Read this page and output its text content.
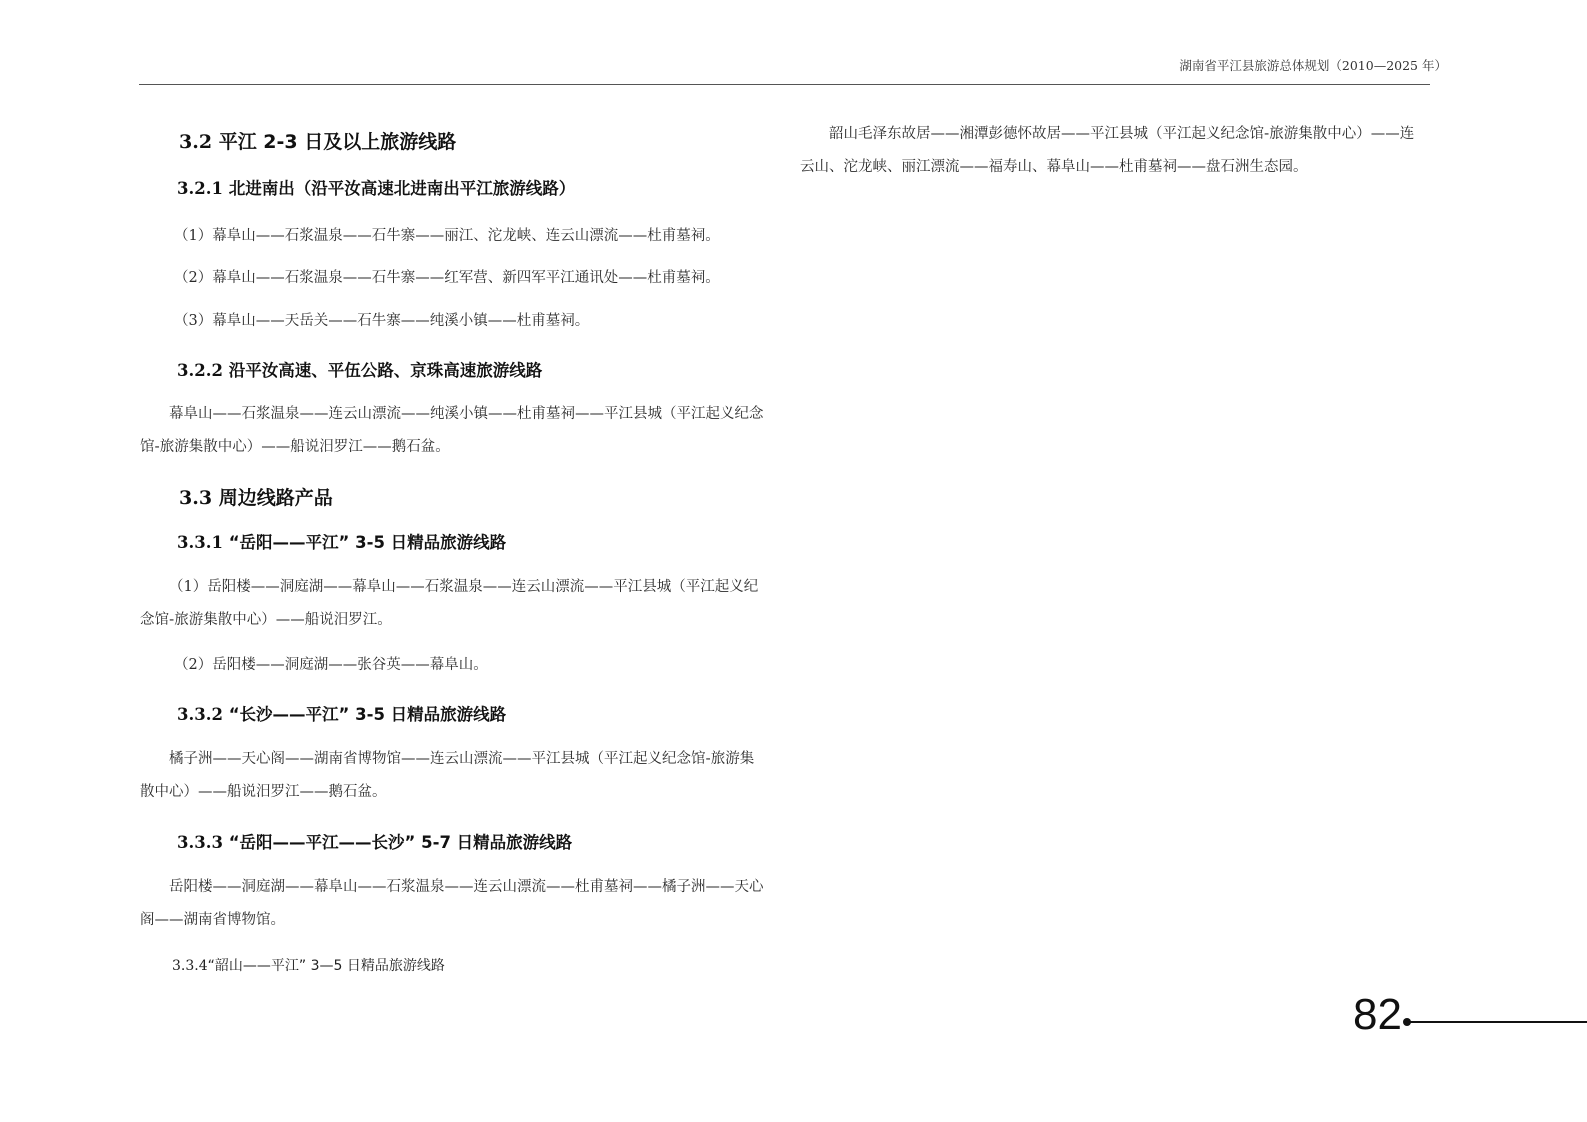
湖南省平江县旅游总体规划（2010—2025 年）
3.2 平江 2-3 日及以上旅游线路
3.2.1 北进南出（沿平汝高速北进南出平江旅游线路）
（1）幕阜山——石浆温泉——石牛寨——丽江、沱龙峡、连云山漂流——杜甫墓祠。
（2）幕阜山——石浆温泉——石牛寨——红军营、新四军平江通讯处——杜甫墓祠。
（3）幕阜山——天岳关——石牛寨——纯溪小镇——杜甫墓祠。
3.2.2 沿平汝高速、平伍公路、京珠高速旅游线路
幕阜山——石浆温泉——连云山漂流——纯溪小镇——杜甫墓祠——平江县城（平江起义纪念馆-旅游集散中心）——船说汨罗江——鹅石盆。
3.3 周边线路产品
3.3.1 “岳阳——平江” 3-5 日精品旅游线路
（1）岳阳楼——洞庭湖——幕阜山——石浆温泉——连云山漂流——平江县城（平江起义纪念馆-旅游集散中心）——船说汨罗江。
（2）岳阳楼——洞庭湖——张谷英——幕阜山。
3.3.2 “长沙——平江” 3-5 日精品旅游线路
橘子洲——天心阁——湖南省博物馆——连云山漂流——平江县城（平江起义纪念馆-旅游集散中心）——船说汨罗江——鹅石盆。
3.3.3 “岳阳——平江——长沙” 5-7 日精品旅游线路
岳阳楼——洞庭湖——幕阜山——石浆温泉——连云山漂流——杜甫墓祠——橘子洲——天心阁——湖南省博物馆。
3.3.4“韶山——平江” 3—5 日精品旅游线路
韶山毛泽东故居——湘潭彭德怀故居——平江县城（平江起义纪念馆-旅游集散中心）——连云山、沱龙峡、丽江漂流——福寿山、幕阜山——杜甫墓祠——盘石洲生态园。
82
